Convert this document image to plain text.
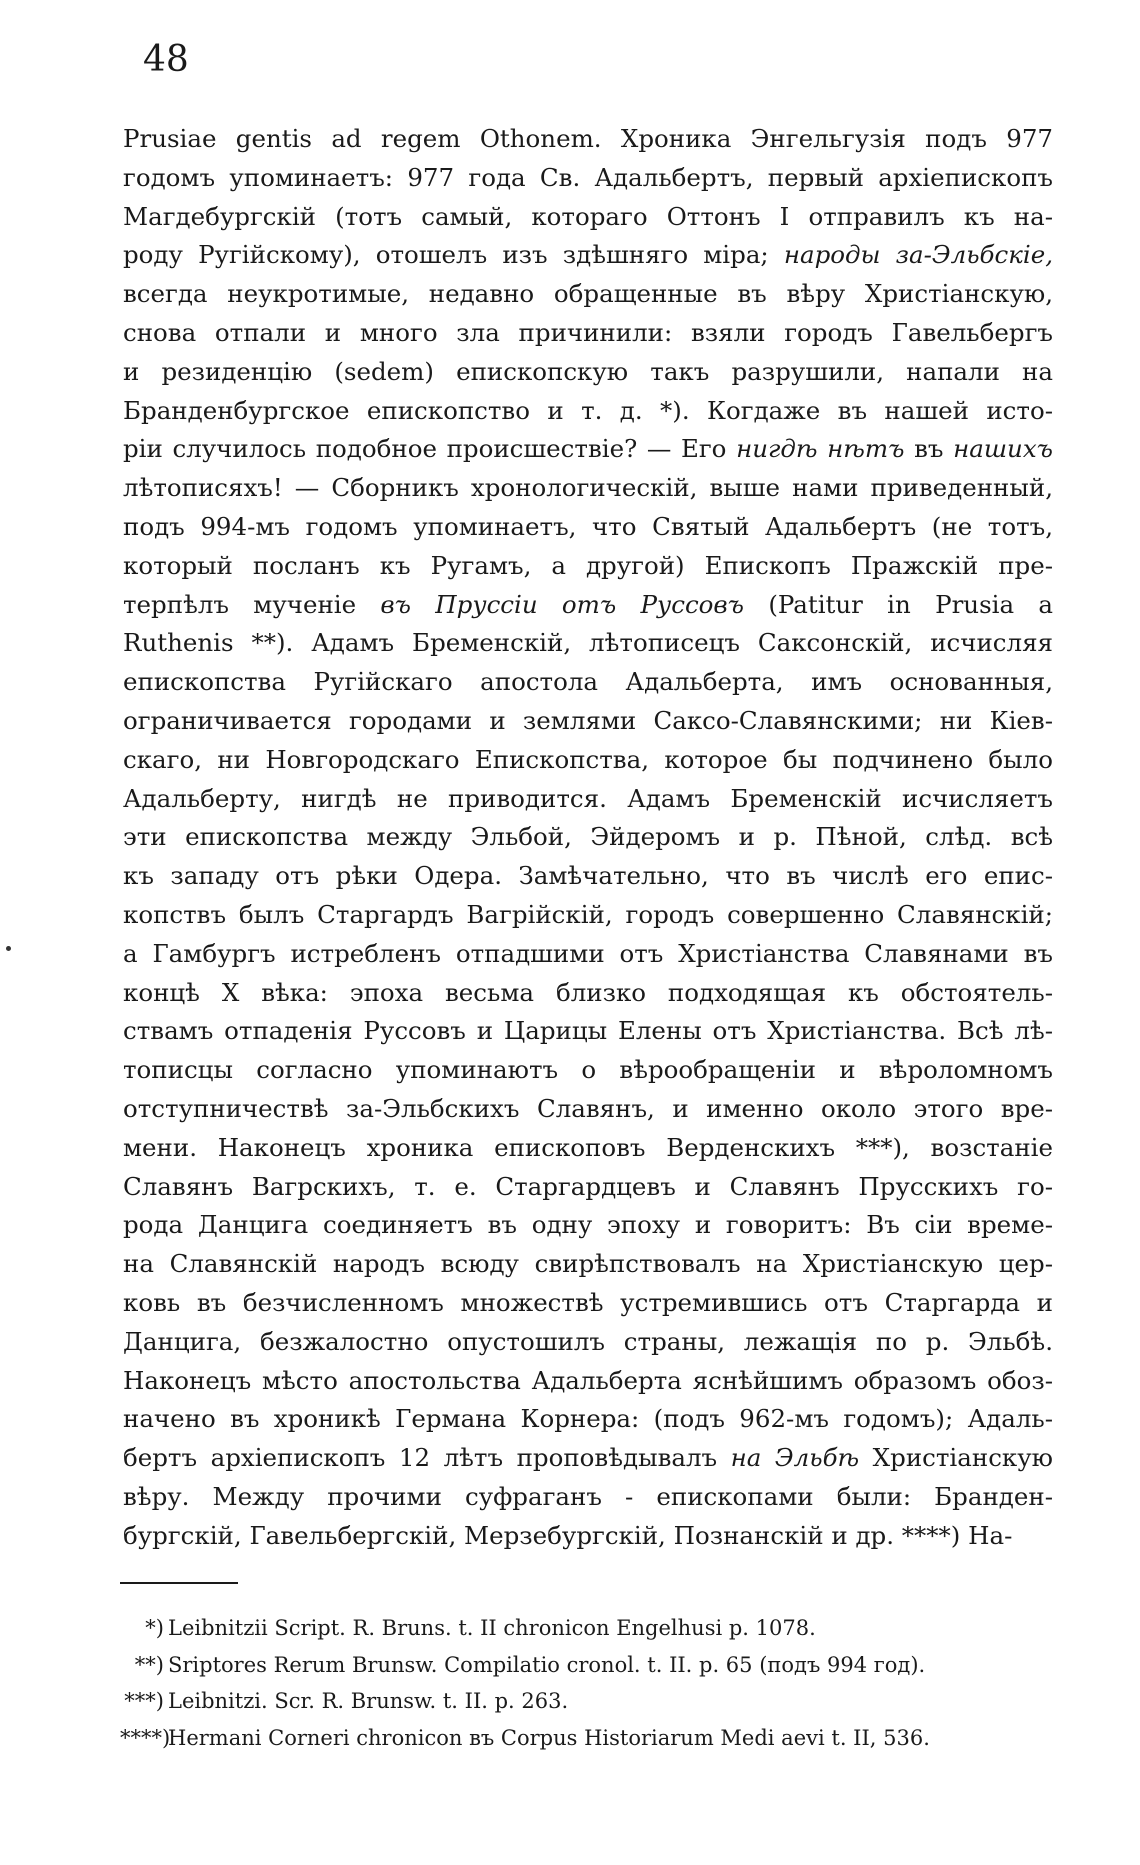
48
Prusiae gentis ad regem Othonem. Хроника Энгельгузія подъ 977
годомъ упоминаетъ: 977 года Св. Адальбертъ, первый архіепископъ
Магдебургскій (тотъ самый, котораго Оттонъ I отправилъ къ на-
роду Ругійскому), отошелъ изъ здѣшняго міра; народы за-Эльбскіе,
всегда неукротимые, недавно обращенные въ вѣру Христіанскую,
снова отпали и много зла причинили: взяли городъ Гавельбергъ
и резиденцію (sedem) епископскую такъ разрушили, напали на
Бранденбургское епископство и т. д. *). Когдаже въ нашей исто-
ріи случилось подобное происшествіе? — Его нигдѣ нѣтъ въ нашихъ
лѣтописяхъ! — Сборникъ хронологическій, выше нами приведенный,
подъ 994-мъ годомъ упоминаетъ, что Святый Адальбертъ (не тотъ,
который посланъ къ Ругамъ, а другой) Епископъ Пражскій пре-
терпѣлъ мученіе въ Пруссіи отъ Руссовъ (Patitur in Prusia a
Ruthenis **). Адамъ Бременскій, лѣтописецъ Саксонскій, исчисляя
епископства Ругійскаго апостола Адальберта, имъ основанныя,
ограничивается городами и землями Саксо-Славянскими; ни Кіев-
скаго, ни Новгородскаго Епископства, которое бы подчинено было
Адальберту, нигдѣ не приводится. Адамъ Бременскій исчисляетъ
эти епископства между Эльбой, Эйдеромъ и р. Пѣной, слѣд. всѣ
къ западу отъ рѣки Одера. Замѣчательно, что въ числѣ его епис-
копствъ былъ Старгардъ Вагрійскій, городъ совершенно Славянскій;
а Гамбургъ истребленъ отпадшими отъ Христіанства Славянами въ
концѣ X вѣка: эпоха весьма близко подходящая къ обстоятель-
ствамъ отпаденія Руссовъ и Царицы Елены отъ Христіанства. Всѣ лѣ-
тописцы согласно упоминаютъ о вѣрообращеніи и вѣроломномъ
отступничествѣ за-Эльбскихъ Славянъ, и именно около этого вре-
мени. Наконецъ хроника епископовъ Верденскихъ ***), возстаніе
Славянъ Вагрскихъ, т. е. Старгардцевъ и Славянъ Прусскихъ го-
рода Данцига соединяетъ въ одну эпоху и говоритъ: Въ сіи време-
на Славянскій народъ всюду свирѣпствовалъ на Христіанскую цер-
ковь въ безчисленномъ множествѣ устремившись отъ Старгарда и
Данцига, безжалостно опустошилъ страны, лежащія по р. Эльбѣ.
Наконецъ мѣсто апостольства Адальберта яснѣйшимъ образомъ обоз-
начено въ хроникѣ Германа Корнера: (подъ 962-мъ годомъ); Адаль-
бертъ архіепископъ 12 лѣтъ проповѣдывалъ на Эльбѣ Христіанскую
вѣру. Между прочими суфраганъ - епископами были: Бранден-
бургскій, Гавельбергскій, Мерзебургскій, Познанскій и др. ****) На-
*) Leibnitzii Script. R. Bruns. t. II chronicon Engelhusi p. 1078.
**) Sriptores Rerum Brunsw. Compilatio cronol. t. II. p. 65 (подъ 994 год).
***) Leibnitzi. Scr. R. Brunsw. t. II. p. 263.
****)Hermani Cornerі chronicon въ Corpus Historiarum Medi aevi t. II, 536.
